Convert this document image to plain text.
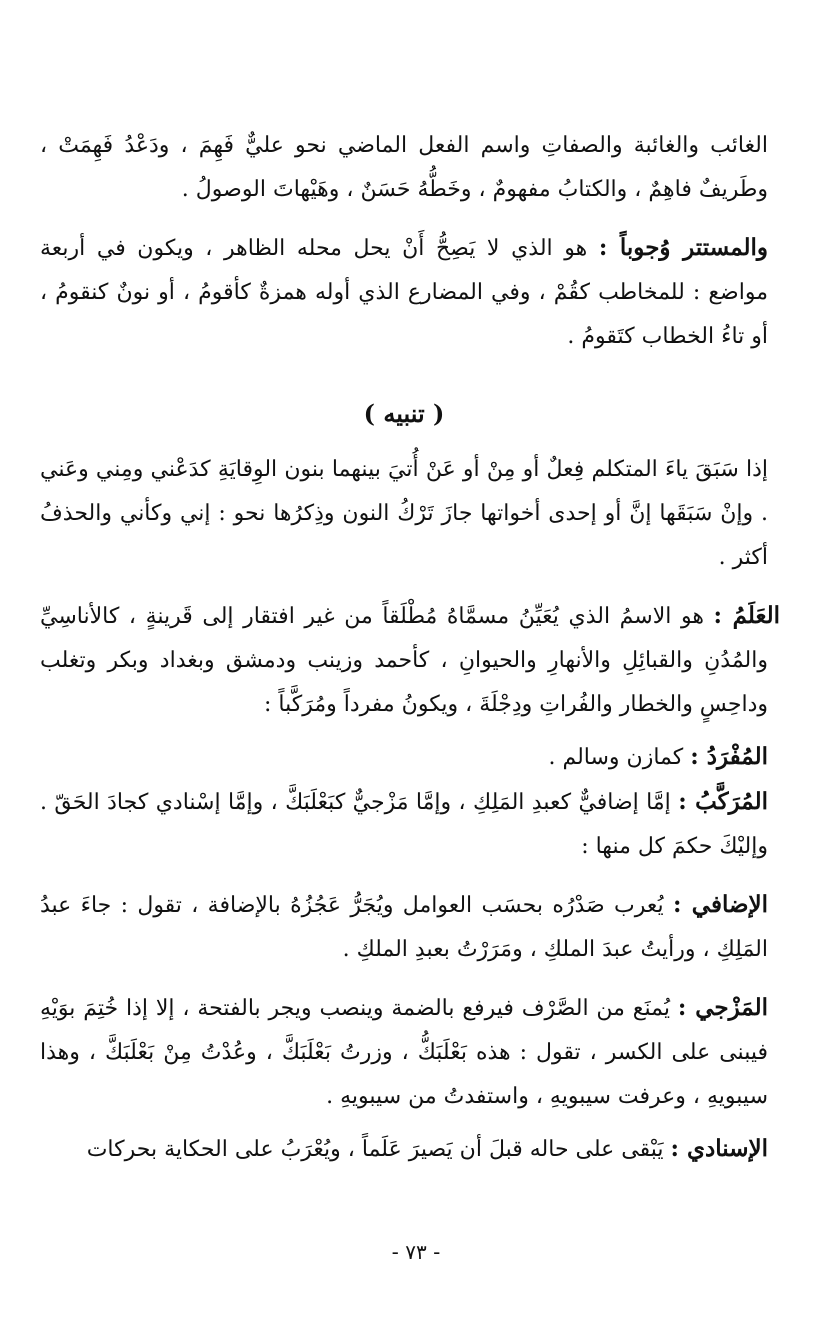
الغائب والغائبة والصفاتِ واسم الفعل الماضي نحو عليٌّ فَهِمَ ، ودَعْدُ فَهِمَتْ ، وطَريفٌ فاهِمٌ ، والكتابُ مفهومٌ ، وخَطُّهُ حَسَنٌ ، وهَيْهاتَ الوصولُ .

والمستتر وُجوباً : هو الذي لا يَصِحُّ أَنْ يحل محله الظاهر ، ويكون في أربعة مواضع : للمخاطب كقُمْ ، وفي المضارع الذي أوله همزةٌ كأقومُ ، أو نونٌ كنقومُ ، أو تاءُ الخطاب كتَقومُ .

( تنبيه )

إذا سَبَقَ ياءَ المتكلم فِعلٌ أو مِنْ أو عَنْ أُتيَ بينهما بنون الوِقايَةِ كدَعْني ومِني وعَني . وإنْ سَبَقَها إنَّ أو إحدى أخواتها جازَ تَرْكُ النون وذِكرُها نحو : إني وكأني والحذفُ أكثر .

العَلَمُ : هو الاسمُ الذي يُعَيِّنُ مسمَّاهُ مُطْلَقاً من غير افتقار إلى قَرينةٍ ، كالأناسِيِّ والمُدُنِ والقبائِلِ والأنهارِ والحيوانِ ، كأحمد وزينب ودمشق وبغداد وبكر وتغلب وداحِسٍ والخطار والفُراتِ ودِجْلَةَ ، ويكونُ مفرداً ومُرَكَّباً :

المُفْرَدُ : كمازن وسالم .

المُرَكَّبُ : إمَّا إضافيٌّ كعبدِ المَلِكِ ، وإمَّا مَزْجيٌّ كبَعْلَبَكَّ ، وإمَّا إسْنادي كجادَ الحَقّ . وإليْكَ حكمَ كل منها :

الإضافي : يُعرب صَدْرُه بحسَب العوامل ويُجَرُّ عَجُزُهُ بالإضافة ، تقول : جاءَ عبدُ المَلِكِ ، ورأيتُ عبدَ الملكِ ، ومَرَرْتُ بعبدِ الملكِ .

المَزْجي : يُمنَع من الصَّرْف فيرفع بالضمة وينصب ويجر بالفتحة ، إلا إذا خُتِمَ بوَيْهِ فيبنى على الكسر ، تقول : هذه بَعْلَبَكُّ ، وزرتُ بَعْلَبَكَّ ، وعُدْتُ مِنْ بَعْلَبَكَّ ، وهذا سيبويهِ ، وعرفت سيبويهِ ، واستفدتُ من سيبويهِ .

الإسنادي : يَبْقى على حاله قبلَ أن يَصيرَ عَلَماً ، ويُعْرَبُ على الحكاية بحركات

- ٧٣ -
